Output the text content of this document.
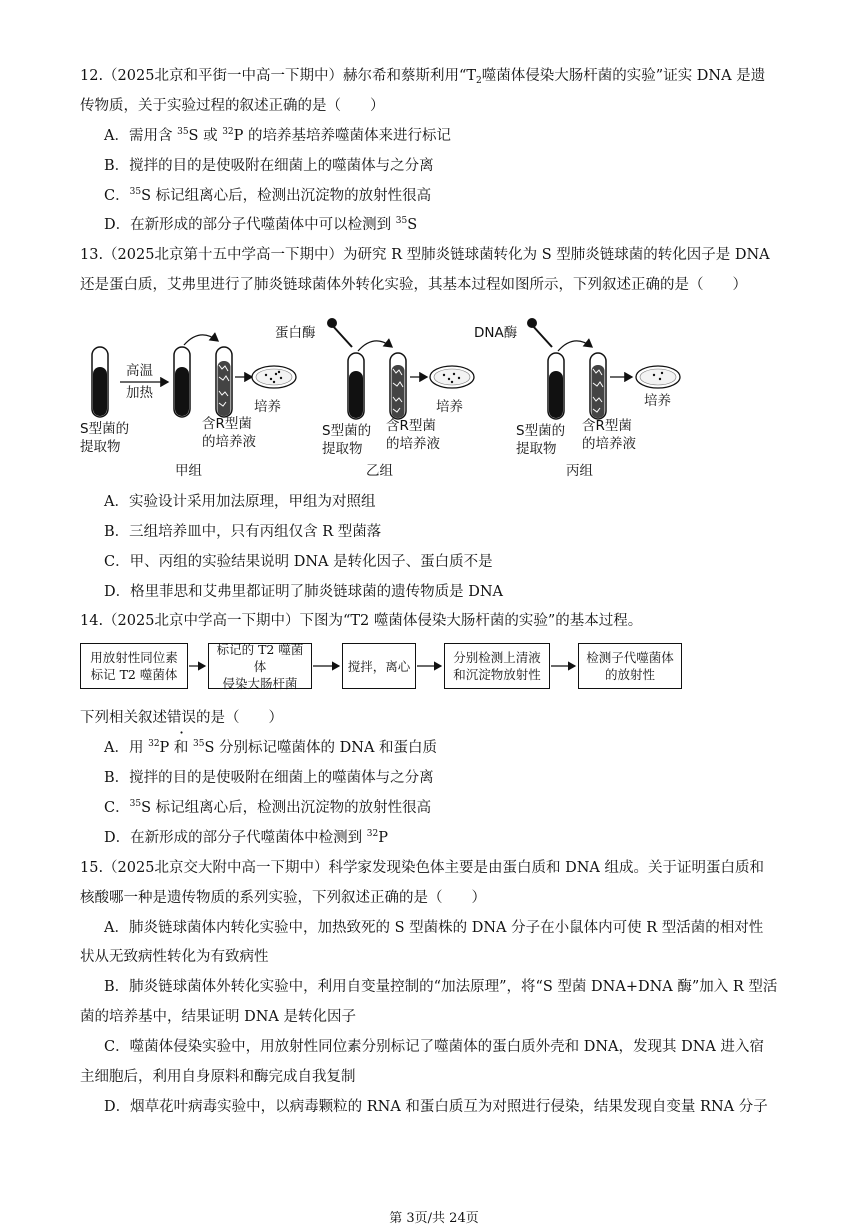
12.（2025北京和平街一中高一下期中）赫尔希和蔡斯利用“$T_2$噬菌体侵染大肠杆菌的实验”证实 DNA 是遗
传物质，关于实验过程的叙述正确的是（　　）
A．需用含 $^{35}$S 或 $^{32}$P 的培养基培养噬菌体来进行标记
B．搅拌的目的是使吸附在细菌上的噬菌体与之分离
C．$^{35}$S 标记组离心后，检测出沉淀物的放射性很高
D．在新形成的部分子代噬菌体中可以检测到 $^{35}$S
13.（2025北京第十五中学高一下期中）为研究 R 型肺炎链球菌转化为 S 型肺炎链球菌的转化因子是 DNA
还是蛋白质，艾弗里进行了肺炎链球菌体外转化实验，其基本过程如图所示，下列叙述正确的是（　　）
高温
加热
培养
S型菌的
提取物
含R型菌
的培养液
甲组
蛋白酶
培养
S型菌的
提取物
含R型菌
的培养液
乙组
DNA酶
培养
S型菌的
提取物
含R型菌
的培养液
丙组
A．实验设计采用加法原理，甲组为对照组
B．三组培养皿中，只有丙组仅含 R 型菌落
C．甲、丙组的实验结果说明 DNA 是转化因子、蛋白质不是
D．格里菲思和艾弗里都证明了肺炎链球菌的遗传物质是 DNA
14.（2025北京中学高一下期中）下图为“T2 噬菌体侵染大肠杆菌的实验”的基本过程。
用放射性同位素
标记 T2 噬菌体
标记的 T2 噬菌体
侵染大肠杆菌
搅拌，离心
分别检测上清液
和沉淀物放射性
检测子代噬菌体
的放射性
下列相关叙述错误的是（　　）
A．用 $^{32}$P 和 $^{35}$S 分别标记噬菌体的 DNA 和蛋白质
B．搅拌的目的是使吸附在细菌上的噬菌体与之分离
C．$^{35}$S 标记组离心后，检测出沉淀物的放射性很高
D．在新形成的部分子代噬菌体中检测到 $^{32}$P
15.（2025北京交大附中高一下期中）科学家发现染色体主要是由蛋白质和 DNA 组成。关于证明蛋白质和
核酸哪一种是遗传物质的系列实验，下列叙述正确的是（　　）
A．肺炎链球菌体内转化实验中，加热致死的 S 型菌株的 DNA 分子在小鼠体内可使 R 型活菌的相对性
状从无致病性转化为有致病性
B．肺炎链球菌体外转化实验中，利用自变量控制的“加法原理”，将“S 型菌 DNA+DNA 酶”加入 R 型活
菌的培养基中，结果证明 DNA 是转化因子
C．噬菌体侵染实验中，用放射性同位素分别标记了噬菌体的蛋白质外壳和 DNA，发现其 DNA 进入宿
主细胞后，利用自身原料和酶完成自我复制
D．烟草花叶病毒实验中，以病毒颗粒的 RNA 和蛋白质互为对照进行侵染，结果发现自变量 RNA 分子
第 3页/共 24页
